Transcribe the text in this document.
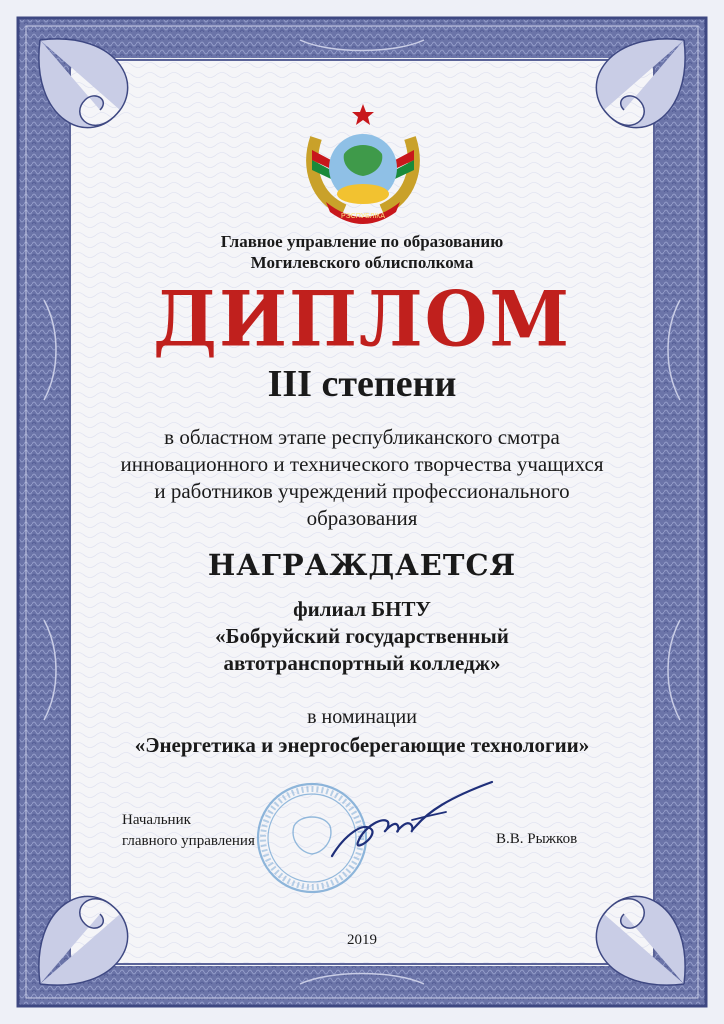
РЭСПУБЛІКА
Главное управление по образованию
Могилевского облисполкома
ДИПЛОМ
III степени
в областном этапе республиканского смотра
инновационного и технического творчества учащихся
и работников учреждений профессионального
образования
НАГРАЖДАЕТСЯ
филиал БНТУ
«Бобруйский государственный
автотранспортный колледж»
в номинации
«Энергетика и энергосберегающие технологии»
Начальник
главного управления	В.В. Рыжков
2019
